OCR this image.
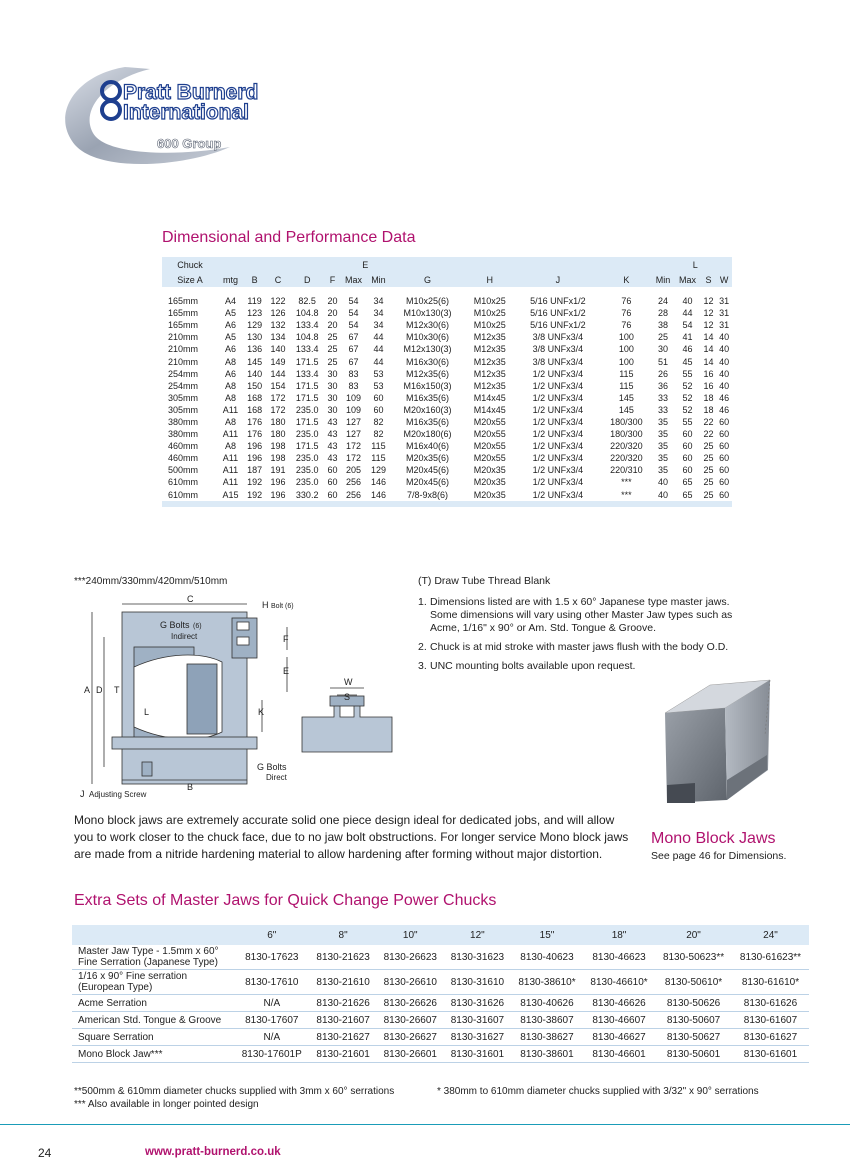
Pratt Burnerd
International
600 Group
Dimensional and Performance Data
Chuck						E							L		
Size A	mtg	B	C	D	F	Max	Min	G	H	J	K	Min	Max	S	W

165mm	A4	119	122	82.5	20	54	34	M10x25(6)	M10x25	5/16 UNFx1/2	76	24	40	12	31
165mm	A5	123	126	104.8	20	54	34	M10x130(3)	M10x25	5/16 UNFx1/2	76	28	44	12	31
165mm	A6	129	132	133.4	20	54	34	M12x30(6)	M10x25	5/16 UNFx1/2	76	38	54	12	31
210mm	A5	130	134	104.8	25	67	44	M10x30(6)	M12x35	3/8 UNFx3/4	100	25	41	14	40
210mm	A6	136	140	133.4	25	67	44	M12x130(3)	M12x35	3/8 UNFx3/4	100	30	46	14	40
210mm	A8	145	149	171.5	25	67	44	M16x30(6)	M12x35	3/8 UNFx3/4	100	51	45	14	40
254mm	A6	140	144	133.4	30	83	53	M12x35(6)	M12x35	1/2 UNFx3/4	115	26	55	16	40
254mm	A8	150	154	171.5	30	83	53	M16x150(3)	M12x35	1/2 UNFx3/4	115	36	52	16	40
305mm	A8	168	172	171.5	30	109	60	M16x35(6)	M14x45	1/2 UNFx3/4	145	33	52	18	46
305mm	A11	168	172	235.0	30	109	60	M20x160(3)	M14x45	1/2 UNFx3/4	145	33	52	18	46
380mm	A8	176	180	171.5	43	127	82	M16x35(6)	M20x55	1/2 UNFx3/4	180/300	35	55	22	60
380mm	A11	176	180	235.0	43	127	82	M20x180(6)	M20x55	1/2 UNFx3/4	180/300	35	60	22	60
460mm	A8	196	198	171.5	43	172	115	M16x40(6)	M20x55	1/2 UNFx3/4	220/320	35	60	25	60
460mm	A11	196	198	235.0	43	172	115	M20x35(6)	M20x55	1/2 UNFx3/4	220/320	35	60	25	60
500mm	A11	187	191	235.0	60	205	129	M20x45(6)	M20x35	1/2 UNFx3/4	220/310	35	60	25	60
610mm	A11	192	196	235.0	60	256	146	M20x45(6)	M20x35	1/2 UNFx3/4	***	40	65	25	60
610mm	A15	192	196	330.2	60	256	146	7/8-9x8(6)	M20x35	1/2 UNFx3/4	***	40	65	25	60

***240mm/330mm/420mm/510mm
C
H Bolt (6)
G Bolts (6)
Indirect	F
E
A D T
L	K
W
S
G Bolts
Direct
B
J Adjusting Screw
(T) Draw Tube Thread Blank
1. Dimensions listed are with 1.5 x 60° Japanese type master jaws. Some dimensions will vary using other Master Jaw types such as Acme, 1/16" x 90° or Am. Std. Tongue & Groove.
2. Chuck is at mid stroke with master jaws flush with the body O.D.
3. UNC mounting bolts available upon request.
Mono Block Jaws
See page 46 for Dimensions.
Mono block jaws are extremely accurate solid one piece design ideal for dedicated jobs, and will allow you to work closer to the chuck face, due to no jaw bolt obstructions. For longer service Mono block jaws are made from a nitride hardening material to allow hardening after forming without major distortion.
Extra Sets of Master Jaws for Quick Change Power Chucks
	6"	8"	10"	12"	15"	18"	20"	24"
Master Jaw Type - 1.5mm x 60° Fine Serration (Japanese Type)	8130-17623	8130-21623	8130-26623	8130-31623	8130-40623	8130-46623	8130-50623**	8130-61623**
1/16 x 90° Fine serration (European Type)	8130-17610	8130-21610	8130-26610	8130-31610	8130-38610*	8130-46610*	8130-50610*	8130-61610*
Acme Serration	N/A	8130-21626	8130-26626	8130-31626	8130-40626	8130-46626	8130-50626	8130-61626
American Std. Tongue & Groove	8130-17607	8130-21607	8130-26607	8130-31607	8130-38607	8130-46607	8130-50607	8130-61607
Square Serration	N/A	8130-21627	8130-26627	8130-31627	8130-38627	8130-46627	8130-50627	8130-61627
Mono Block Jaw***	8130-17601P	8130-21601	8130-26601	8130-31601	8130-38601	8130-46601	8130-50601	8130-61601
**500mm & 610mm diameter chucks supplied with 3mm x 60° serrations	* 380mm to 610mm diameter chucks supplied with 3/32" x 90° serrations
*** Also available in longer pointed design
24	www.pratt-burnerd.co.uk
